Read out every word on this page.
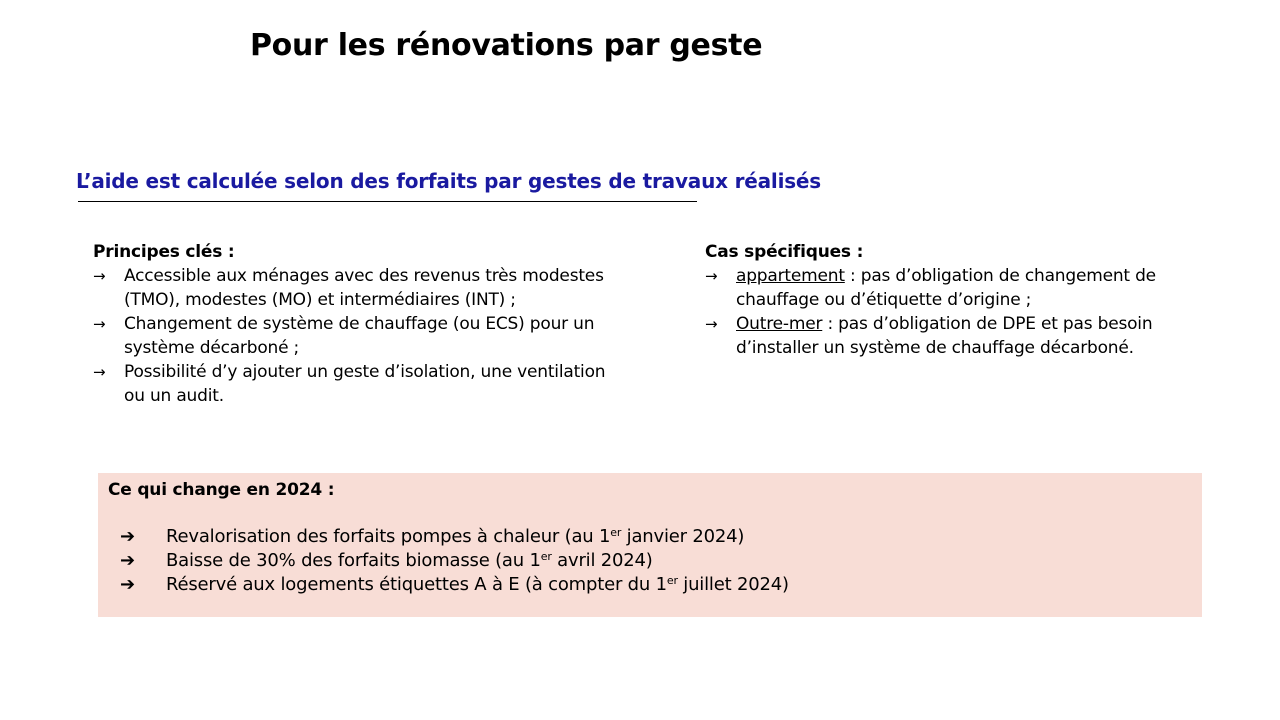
Pour les rénovations par geste
L’aide est calculée selon des forfaits par gestes de travaux réalisés
Principes clés :
→	Accessible aux ménages avec des revenus très modestes (TMO), modestes (MO) et intermédiaires (INT) ;
→	Changement de système de chauffage (ou ECS) pour un système décarboné ;
→	Possibilité d’y ajouter un geste d’isolation, une ventilation ou un audit.
Cas spécifiques :
→	appartement : pas d’obligation de changement de chauffage ou d’étiquette d’origine ;
→	Outre-mer : pas d’obligation de DPE et pas besoin d’installer un système de chauffage décarboné.
Ce qui change en 2024 :
➔ Revalorisation des forfaits pompes à chaleur (au 1er janvier 2024)
➔ Baisse de 30% des forfaits biomasse (au 1er avril 2024)
➔ Réservé aux logements étiquettes A à E (à compter du 1er juillet 2024)
